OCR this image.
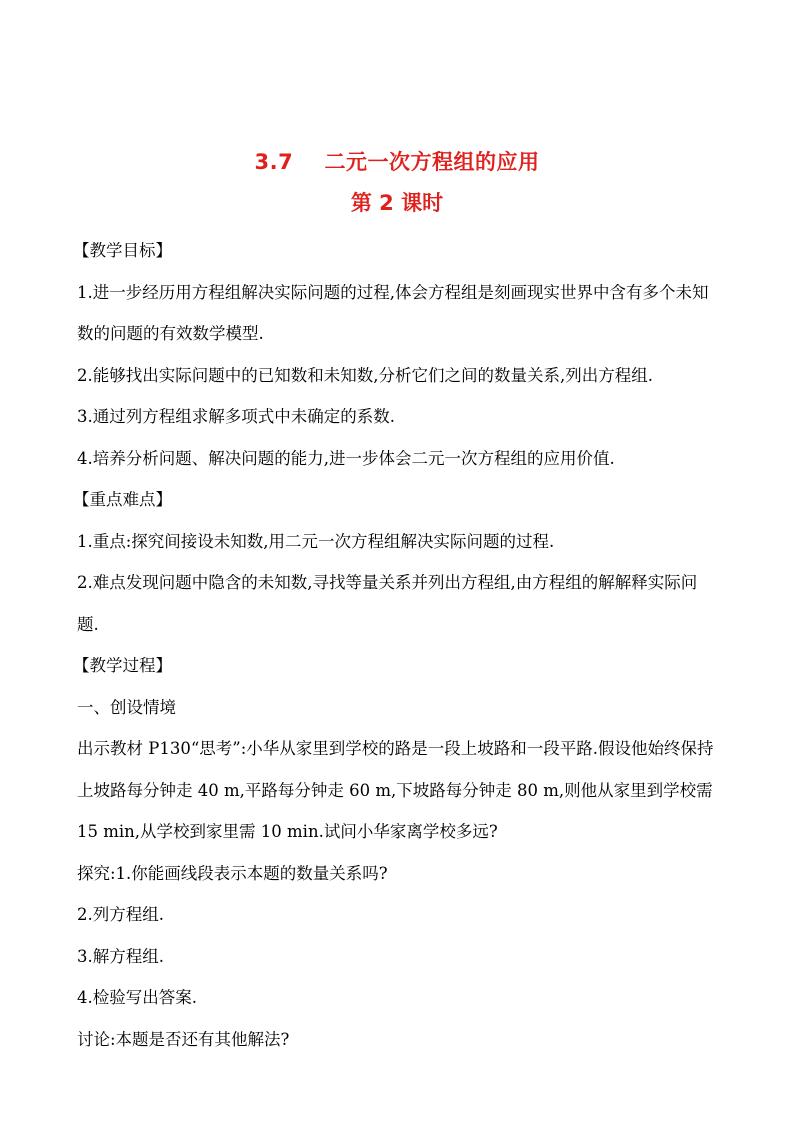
3.7    二元一次方程组的应用
第 2 课时

【教学目标】

1.进一步经历用方程组解决实际问题的过程,体会方程组是刻画现实世界中含有多个未知数的问题的有效数学模型.

2.能够找出实际问题中的已知数和未知数,分析它们之间的数量关系,列出方程组.

3.通过列方程组求解多项式中未确定的系数.

4.培养分析问题、解决问题的能力,进一步体会二元一次方程组的应用价值.

【重点难点】

1.重点:探究间接设未知数,用二元一次方程组解决实际问题的过程.

2.难点发现问题中隐含的未知数,寻找等量关系并列出方程组,由方程组的解解释实际问题.

【教学过程】

一、创设情境

出示教材 P130“思考”:小华从家里到学校的路是一段上坡路和一段平路.假设他始终保持上坡路每分钟走 40 m,平路每分钟走 60 m,下坡路每分钟走 80 m,则他从家里到学校需 15 min,从学校到家里需 10 min.试问小华家离学校多远?

探究:1.你能画线段表示本题的数量关系吗?

2.列方程组.

3.解方程组.

4.检验写出答案.

讨论:本题是否还有其他解法?
